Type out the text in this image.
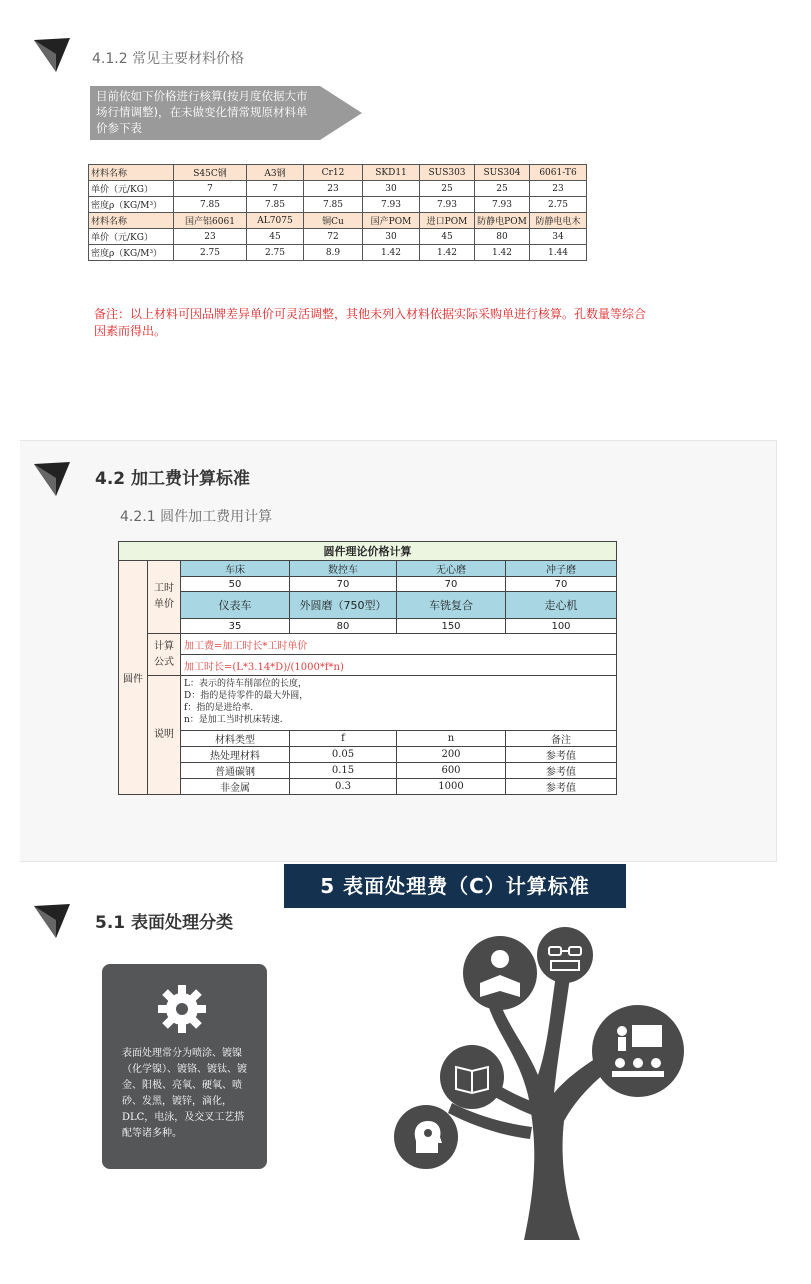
4.1.2 常见主要材料价格
目前依如下价格进行核算(按月度依据大市场行情调整)，在未做变化情常规原材料单价参下表
材料名称	S45C钢	A3钢	Cr12	SKD11	SUS303	SUS304	6061-T6
单价（元/KG）	7	7	23	30	25	25	23
密度ρ（KG/M³）	7.85	7.85	7.85	7.93	7.93	7.93	2.75
材料名称	国产铝6061	AL7075	铜Cu	国产POM	进口POM	防静电POM	防静电电木
单价（元/KG）	23	45	72	30	45	80	34
密度ρ（KG/M³）	2.75	2.75	8.9	1.42	1.42	1.42	1.44
备注：以上材料可因品牌差异单价可灵活调整，其他未列入材料依据实际采购单进行核算。孔数量等综合因素而得出。
4.2 加工费计算标准
4.2.1 圆件加工费用计算
圆件理论价格计算					
圆件	工时单价	车床	数控车	无心磨	冲子磨
		50	70	70	70
		仪表车	外圆磨（750型）	车铣复合	走心机
		35	80	150	100
	计算公式	加工费=加工时长*工时单价			
		加工时长=(L*3.14*D)/(1000*f*n)			
	说明	L：表示的待车削部位的长度，
D：指的是待零件的最大外圆，
f：指的是进给率.
n：是加工当时机床转速.			

		材料类型	f	n	备注
		热处理材料	0.05	200	参考值
		普通碳钢	0.15	600	参考值
		非金属	0.3	1000	参考值
5 表面处理费（C）计算标准
5.1 表面处理分类
表面处理常分为喷涂、镀镍（化学镍）、镀铬、镀钛、镀金、阳极、亮氧、硬氧、喷砂、发黑，镀锌，滴化，DLC，电泳，及交叉工艺搭配等诸多种。
